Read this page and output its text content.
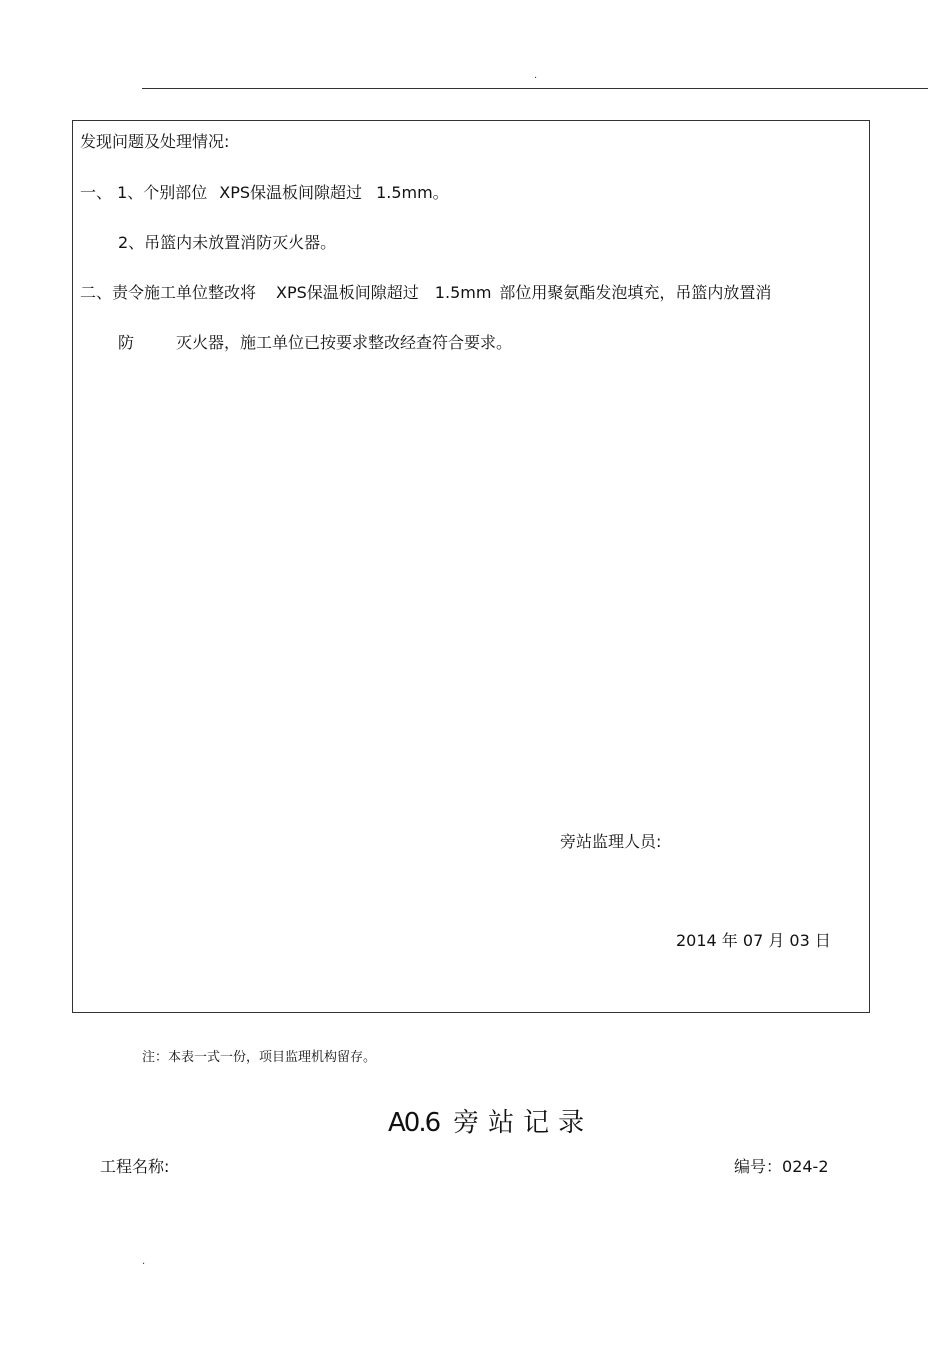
.
发现问题及处理情况:
一、 1、个别部位 XPS保温板间隙超过 1.5mm。
2、吊篮内未放置消防灭火器。
二、责令施工单位整改将 XPS保温板间隙超过 1.5mm 部位用聚氨酯发泡填充，吊篮内放置消
防	灭火器，施工单位已按要求整改经查符合要求。
旁站监理人员:
2014 年 07 月 03 日
注：本表一式一份，项目监理机构留存。
A0.6 旁站记录
工程名称:	编号：024-2
.
